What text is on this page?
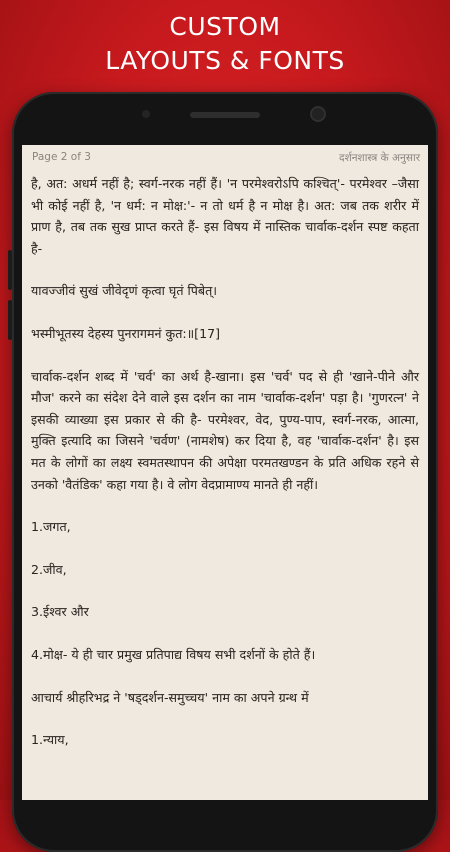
CUSTOM
LAYOUTS & FONTS
Page 2 of 3	दर्शनशास्त्र के अनुसार

है, अत: अधर्म नहीं है; स्वर्ग-नरक नहीं हैं। 'न परमेश्वरोऽपि कश्चित्'- परमेश्वर –जैसा भी कोई नहीं है, 'न धर्म: न मोक्ष:'- न तो धर्म है न मोक्ष है। अत: जब तक शरीर में प्राण है, तब तक सुख प्राप्त करते हैं- इस विषय में नास्तिक चार्वाक-दर्शन स्पष्ट कहता है-

यावज्जीवं सुखं जीवेदृणं कृत्वा घृतं पिबेत्‌।

भस्मीभूतस्य देहस्य पुनरागमनं कुत:॥[17]

चार्वाक-दर्शन शब्द में 'चर्व' का अर्थ है-खाना। इस 'चर्व' पद से ही 'खाने-पीने और मौज' करने का संदेश देने वाले इस दर्शन का नाम 'चार्वाक-दर्शन' पड़ा है। 'गुणरत्न' ने इसकी व्याख्या इस प्रकार से की है- परमेश्वर, वेद, पुण्य-पाप, स्वर्ग-नरक, आत्मा, मुक्ति इत्यादि का जिसने 'चर्वण' (नामशेष) कर दिया है, वह 'चार्वाक-दर्शन' है। इस मत के लोगों का लक्ष्य स्वमतस्थापन की अपेक्षा परमतखण्डन के प्रति अधिक रहने से उनको 'वैतंडिक' कहा गया है। वे लोग वेदप्रामाण्य मानते ही नहीं।

1.जगत,

2.जीव,

3.ईश्वर और

4.मोक्ष- ये ही चार प्रमुख प्रतिपाद्य विषय सभी दर्शनों के होते हैं।

आचार्य श्रीहरिभद्र ने 'षड्दर्शन-समुच्चय' नाम का अपने ग्रन्थ में

1.न्याय,
